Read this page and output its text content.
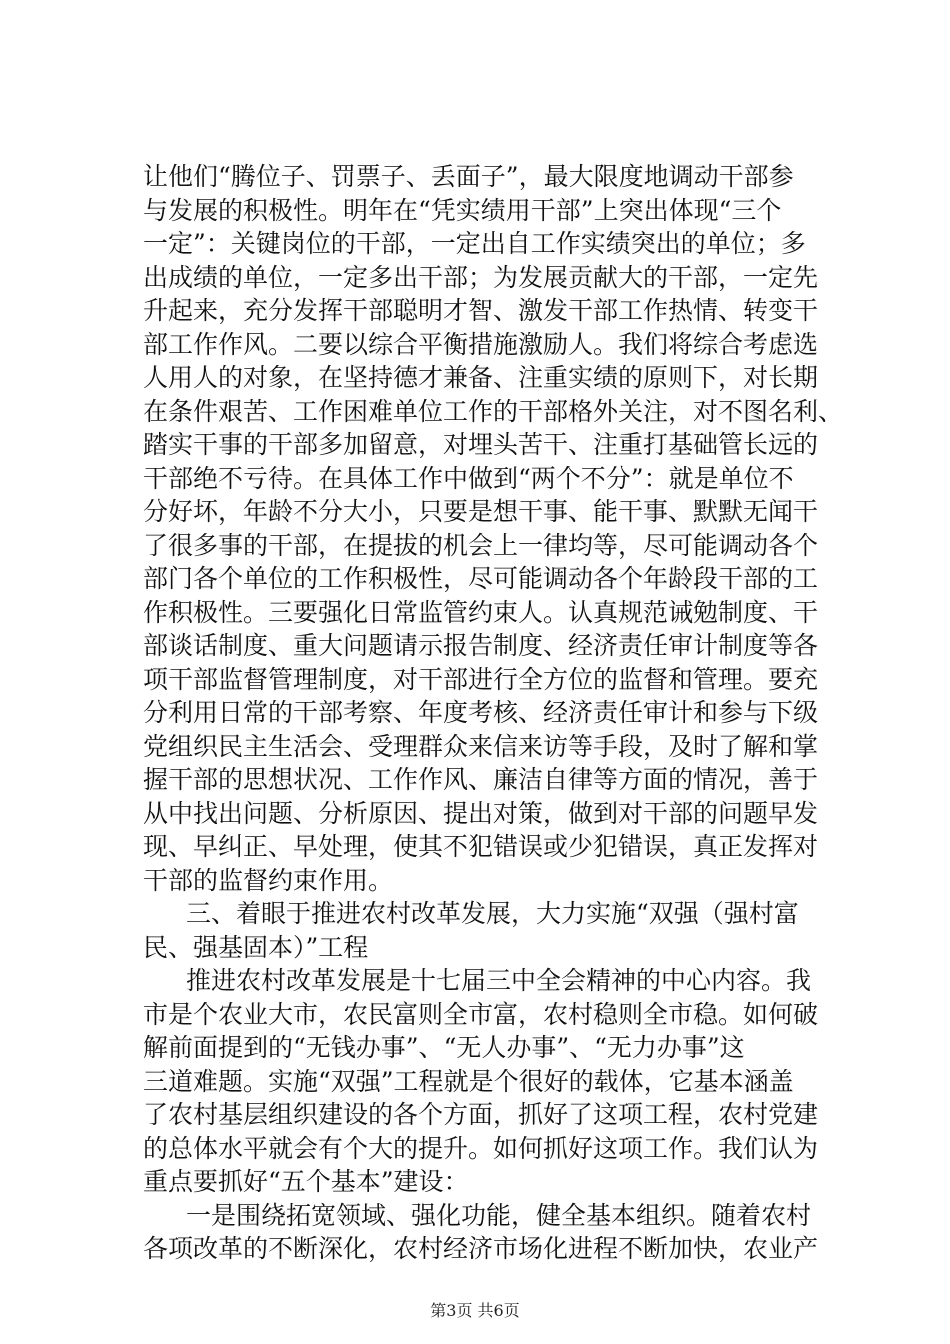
让他们“腾位子、罚票子、丢面子”，最大限度地调动干部参
与发展的积极性。明年在“凭实绩用干部”上突出体现“三个
一定”：关键岗位的干部，一定出自工作实绩突出的单位；多
出成绩的单位，一定多出干部；为发展贡献大的干部，一定先
升起来，充分发挥干部聪明才智、激发干部工作热情、转变干
部工作作风。二要以综合平衡措施激励人。我们将综合考虑选
人用人的对象，在坚持德才兼备、注重实绩的原则下，对长期
在条件艰苦、工作困难单位工作的干部格外关注，对不图名利、
踏实干事的干部多加留意，对埋头苦干、注重打基础管长远的
干部绝不亏待。在具体工作中做到“两个不分”：就是单位不
分好坏，年龄不分大小，只要是想干事、能干事、默默无闻干
了很多事的干部，在提拔的机会上一律均等，尽可能调动各个
部门各个单位的工作积极性，尽可能调动各个年龄段干部的工
作积极性。三要强化日常监管约束人。认真规范诫勉制度、干
部谈话制度、重大问题请示报告制度、经济责任审计制度等各
项干部监督管理制度，对干部进行全方位的监督和管理。要充
分利用日常的干部考察、年度考核、经济责任审计和参与下级
党组织民主生活会、受理群众来信来访等手段，及时了解和掌
握干部的思想状况、工作作风、廉洁自律等方面的情况，善于
从中找出问题、分析原因、提出对策，做到对干部的问题早发
现、早纠正、早处理，使其不犯错误或少犯错误，真正发挥对
干部的监督约束作用。
三、着眼于推进农村改革发展，大力实施“双强（强村富
民、强基固本）”工程
推进农村改革发展是十七届三中全会精神的中心内容。我
市是个农业大市，农民富则全市富，农村稳则全市稳。如何破
解前面提到的“无钱办事”、“无人办事”、“无力办事”这
三道难题。实施“双强”工程就是个很好的载体，它基本涵盖
了农村基层组织建设的各个方面，抓好了这项工程，农村党建
的总体水平就会有个大的提升。如何抓好这项工作。我们认为
重点要抓好“五个基本”建设：
一是围绕拓宽领域、强化功能，健全基本组织。随着农村
各项改革的不断深化，农村经济市场化进程不断加快，农业产
第3页 共6页
